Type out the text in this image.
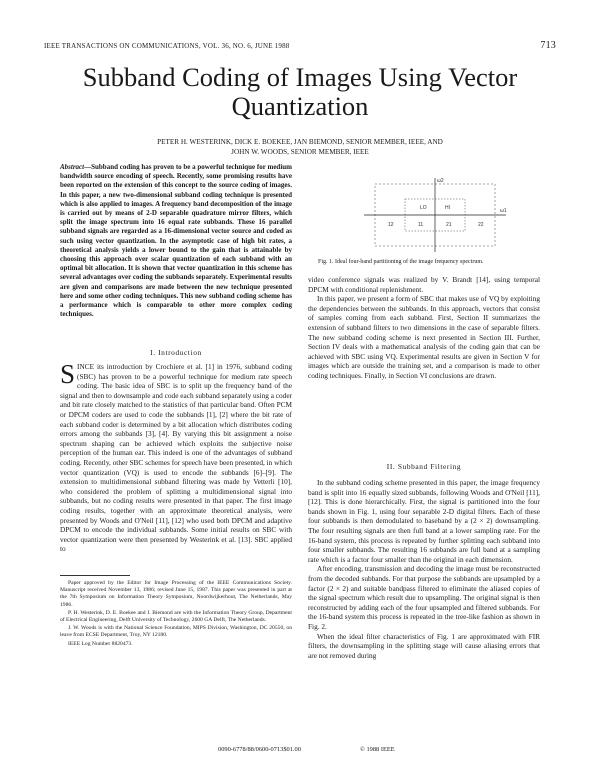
IEEE TRANSACTIONS ON COMMUNICATIONS, VOL. 36, NO. 6, JUNE 1988	713
Subband Coding of Images Using Vector Quantization
PETER H. WESTERINK, DICK E. BOEKEE, JAN BIEMOND, SENIOR MEMBER, IEEE, AND
JOHN W. WOODS, SENIOR MEMBER, IEEE
Abstract—Subband coding has proven to be a powerful technique for medium bandwidth source encoding of speech. Recently, some promising results have been reported on the extension of this concept to the source coding of images. In this paper, a new two-dimensional subband coding technique is presented which is also applied to images. A frequency band decomposition of the image is carried out by means of 2-D separable quadrature mirror filters, which split the image spectrum into 16 equal rate subbands. These 16 parallel subband signals are regarded as a 16-dimensional vector source and coded as such using vector quantization. In the asymptotic case of high bit rates, a theoretical analysis yields a lower bound to the gain that is attainable by choosing this approach over scalar quantization of each subband with an optimal bit allocation. It is shown that vector quantization in this scheme has several advantages over coding the subbands separately. Experimental results are given and comparisons are made between the new technique presented here and some other coding techniques. This new subband coding scheme has a performance which is comparable to other more complex coding techniques.
I. Introduction
SINCE its introduction by Crochiere et al. [1] in 1976, subband coding (SBC) has proven to be a powerful technique for medium rate speech coding. The basic idea of SBC is to split up the frequency band of the signal and then to downsample and code each subband separately using a coder and bit rate closely matched to the statistics of that particular band. Often PCM or DPCM coders are used to code the subbands [1], [2] where the bit rate of each subband coder is determined by a bit allocation which distributes coding errors among the subbands [3], [4]. By varying this bit assignment a noise spectrum shaping can be achieved which exploits the subjective noise perception of the human ear. This indeed is one of the advantages of subband coding. Recently, other SBC schemes for speech have been presented, in which vector quantization (VQ) is used to encode the subbands [6]–[9]. The extension to multidimensional subband filtering was made by Vetterli [10], who considered the problem of splitting a multidimensional signal into subbands, but no coding results were presented in that paper. The first image coding results, together with an approximate theoretical analysis, were presented by Woods and O'Neil [11], [12] who used both DPCM and adaptive DPCM to encode the individual subbands. Some initial results on SBC with vector quantization were then presented by Westerink et al. [13]. SBC applied to

Paper approved by the Editor for Image Processing of the IEEE Communications Society. Manuscript received November 13, 1986; revised June 15, 1987. This paper was presented in part at the 7th Symposium on Information Theory Symposium, Noordwijkerhout, The Netherlands, May 1986.

P. H. Westerink, D. E. Boekee and J. Biemond are with the Information Theory Group, Department of Electrical Engineering, Delft University of Technology, 2600 GA Delft, The Netherlands.

J. W. Woods is with the National Science Foundation, MIPS Division, Washington, DC 20550, on leave from ECSE Department, Troy, NY 12180.

IEEE Log Number 8820473.

ω2
ω1
LO	HI
11	21
12	22
Fig. 1. Ideal four-band partitioning of the image frequency spectrum.

video conference signals was realized by V. Brandt [14], using temporal DPCM with conditional replenishment.

In this paper, we present a form of SBC that makes use of VQ by exploiting the dependencies between the subbands. In this approach, vectors that consist of samples coming from each subband. First, Section II summarizes the extension of subband filters to two dimensions in the case of separable filters. The new subband coding scheme is next presented in Section III. Further, Section IV deals with a mathematical analysis of the coding gain that can be achieved with SBC using VQ. Experimental results are given in Section V for images which are outside the training set, and a comparison is made to other coding techniques. Finally, in Section VI conclusions are drawn.

II. Subband Filtering

In the subband coding scheme presented in this paper, the image frequency band is split into 16 equally sized subbands, following Woods and O'Neil [11], [12]. This is done hierarchically. First, the signal is partitioned into the four bands shown in Fig. 1, using four separable 2-D digital filters. Each of these four subbands is then demodulated to baseband by a (2 × 2) downsampling. The four resulting signals are then full band at a lower sampling rate. For the 16-band system, this process is repeated by further splitting each subband into four smaller subbands. The resulting 16 subbands are full band at a sampling rate which is a factor four smaller than the original in each dimension.

After encoding, transmission and decoding the image must be reconstructed from the decoded subbands. For that purpose the subbands are upsampled by a factor (2 × 2) and suitable bandpass filtered to eliminate the aliased copies of the signal spectrum which result due to upsampling. The original signal is then reconstructed by adding each of the four upsampled and filtered subbands. For the 16-band system this process is repeated in the tree-like fashion as shown in Fig. 2.

When the ideal filter characteristics of Fig. 1 are approximated with FIR filters, the downsampling in the splitting stage will cause aliasing errors that are not removed during

0090-6778/88/0600-0713$01.00	© 1988 IEEE
